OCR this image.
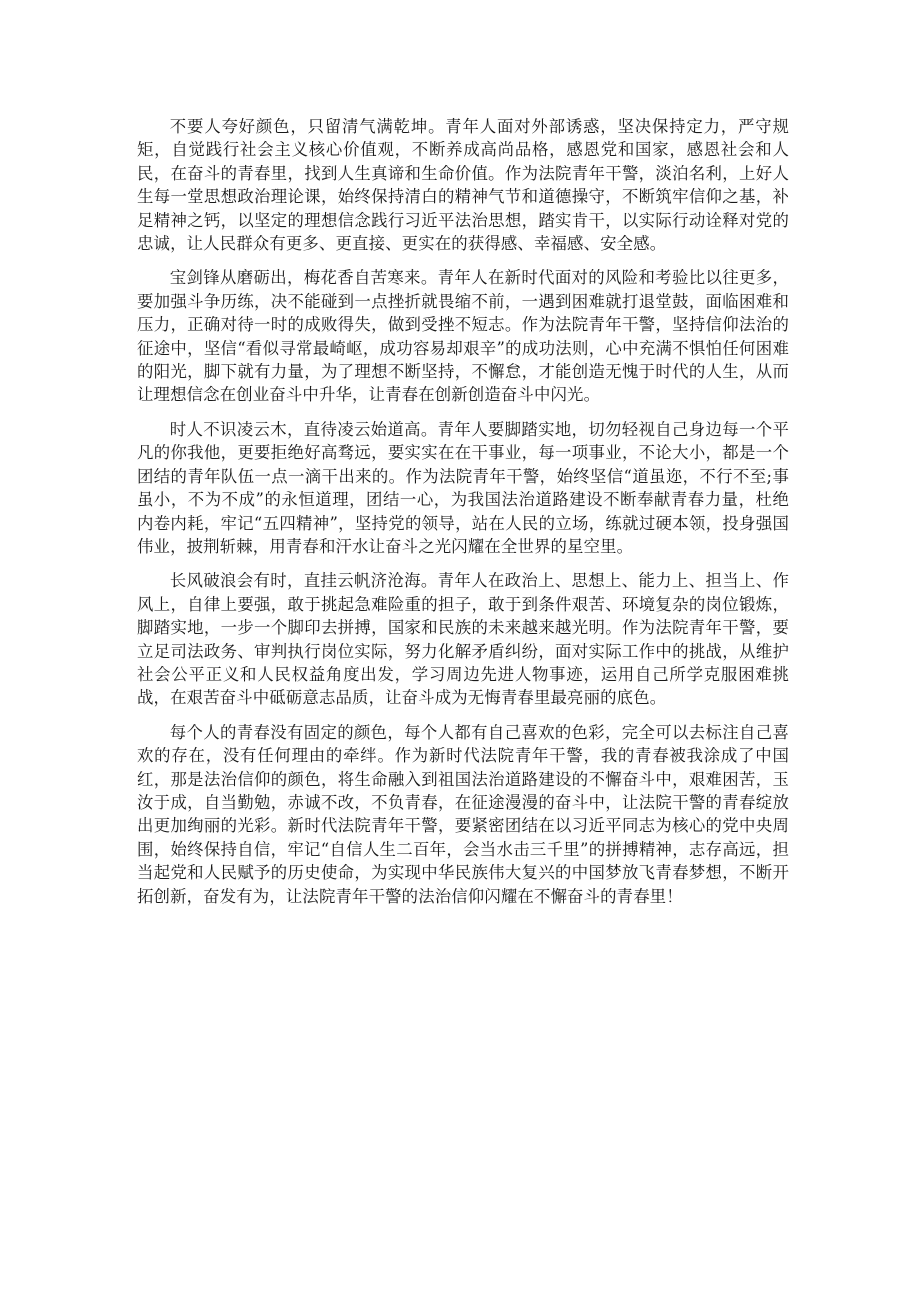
不要人夸好颜色，只留清气满乾坤。青年人面对外部诱惑，坚决保持定力，严守规矩，自觉践行社会主义核心价值观，不断养成高尚品格，感恩党和国家，感恩社会和人民，在奋斗的青春里，找到人生真谛和生命价值。作为法院青年干警，淡泊名利，上好人生每一堂思想政治理论课，始终保持清白的精神气节和道德操守，不断筑牢信仰之基，补足精神之钙，以坚定的理想信念践行习近平法治思想，踏实肯干，以实际行动诠释对党的忠诚，让人民群众有更多、更直接、更实在的获得感、幸福感、安全感。

宝剑锋从磨砺出，梅花香自苦寒来。青年人在新时代面对的风险和考验比以往更多，要加强斗争历练，决不能碰到一点挫折就畏缩不前，一遇到困难就打退堂鼓，面临困难和压力，正确对待一时的成败得失，做到受挫不短志。作为法院青年干警，坚持信仰法治的征途中，坚信“看似寻常最崎岖，成功容易却艰辛”的成功法则，心中充满不惧怕任何困难的阳光，脚下就有力量，为了理想不断坚持，不懈怠，才能创造无愧于时代的人生，从而让理想信念在创业奋斗中升华，让青春在创新创造奋斗中闪光。

时人不识凌云木，直待凌云始道高。青年人要脚踏实地，切勿轻视自己身边每一个平凡的你我他，更要拒绝好高骛远，要实实在在干事业，每一项事业，不论大小，都是一个团结的青年队伍一点一滴干出来的。作为法院青年干警，始终坚信“道虽迩，不行不至;事虽小，不为不成”的永恒道理，团结一心，为我国法治道路建设不断奉献青春力量，杜绝内卷内耗，牢记“五四精神”，坚持党的领导，站在人民的立场，练就过硬本领，投身强国伟业，披荆斩棘，用青春和汗水让奋斗之光闪耀在全世界的星空里。

长风破浪会有时，直挂云帆济沧海。青年人在政治上、思想上、能力上、担当上、作风上，自律上要强，敢于挑起急难险重的担子，敢于到条件艰苦、环境复杂的岗位锻炼，脚踏实地，一步一个脚印去拼搏，国家和民族的未来越来越光明。作为法院青年干警，要立足司法政务、审判执行岗位实际，努力化解矛盾纠纷，面对实际工作中的挑战，从维护社会公平正义和人民权益角度出发，学习周边先进人物事迹，运用自己所学克服困难挑战，在艰苦奋斗中砥砺意志品质，让奋斗成为无悔青春里最亮丽的底色。

每个人的青春没有固定的颜色，每个人都有自己喜欢的色彩，完全可以去标注自己喜欢的存在，没有任何理由的牵绊。作为新时代法院青年干警，我的青春被我涂成了中国红，那是法治信仰的颜色，将生命融入到祖国法治道路建设的不懈奋斗中，艰难困苦，玉汝于成，自当勤勉，赤诚不改，不负青春，在征途漫漫的奋斗中，让法院干警的青春绽放出更加绚丽的光彩。新时代法院青年干警，要紧密团结在以习近平同志为核心的党中央周围，始终保持自信，牢记“自信人生二百年，会当水击三千里”的拼搏精神，志存高远，担当起党和人民赋予的历史使命，为实现中华民族伟大复兴的中国梦放飞青春梦想，不断开拓创新，奋发有为，让法院青年干警的法治信仰闪耀在不懈奋斗的青春里！
